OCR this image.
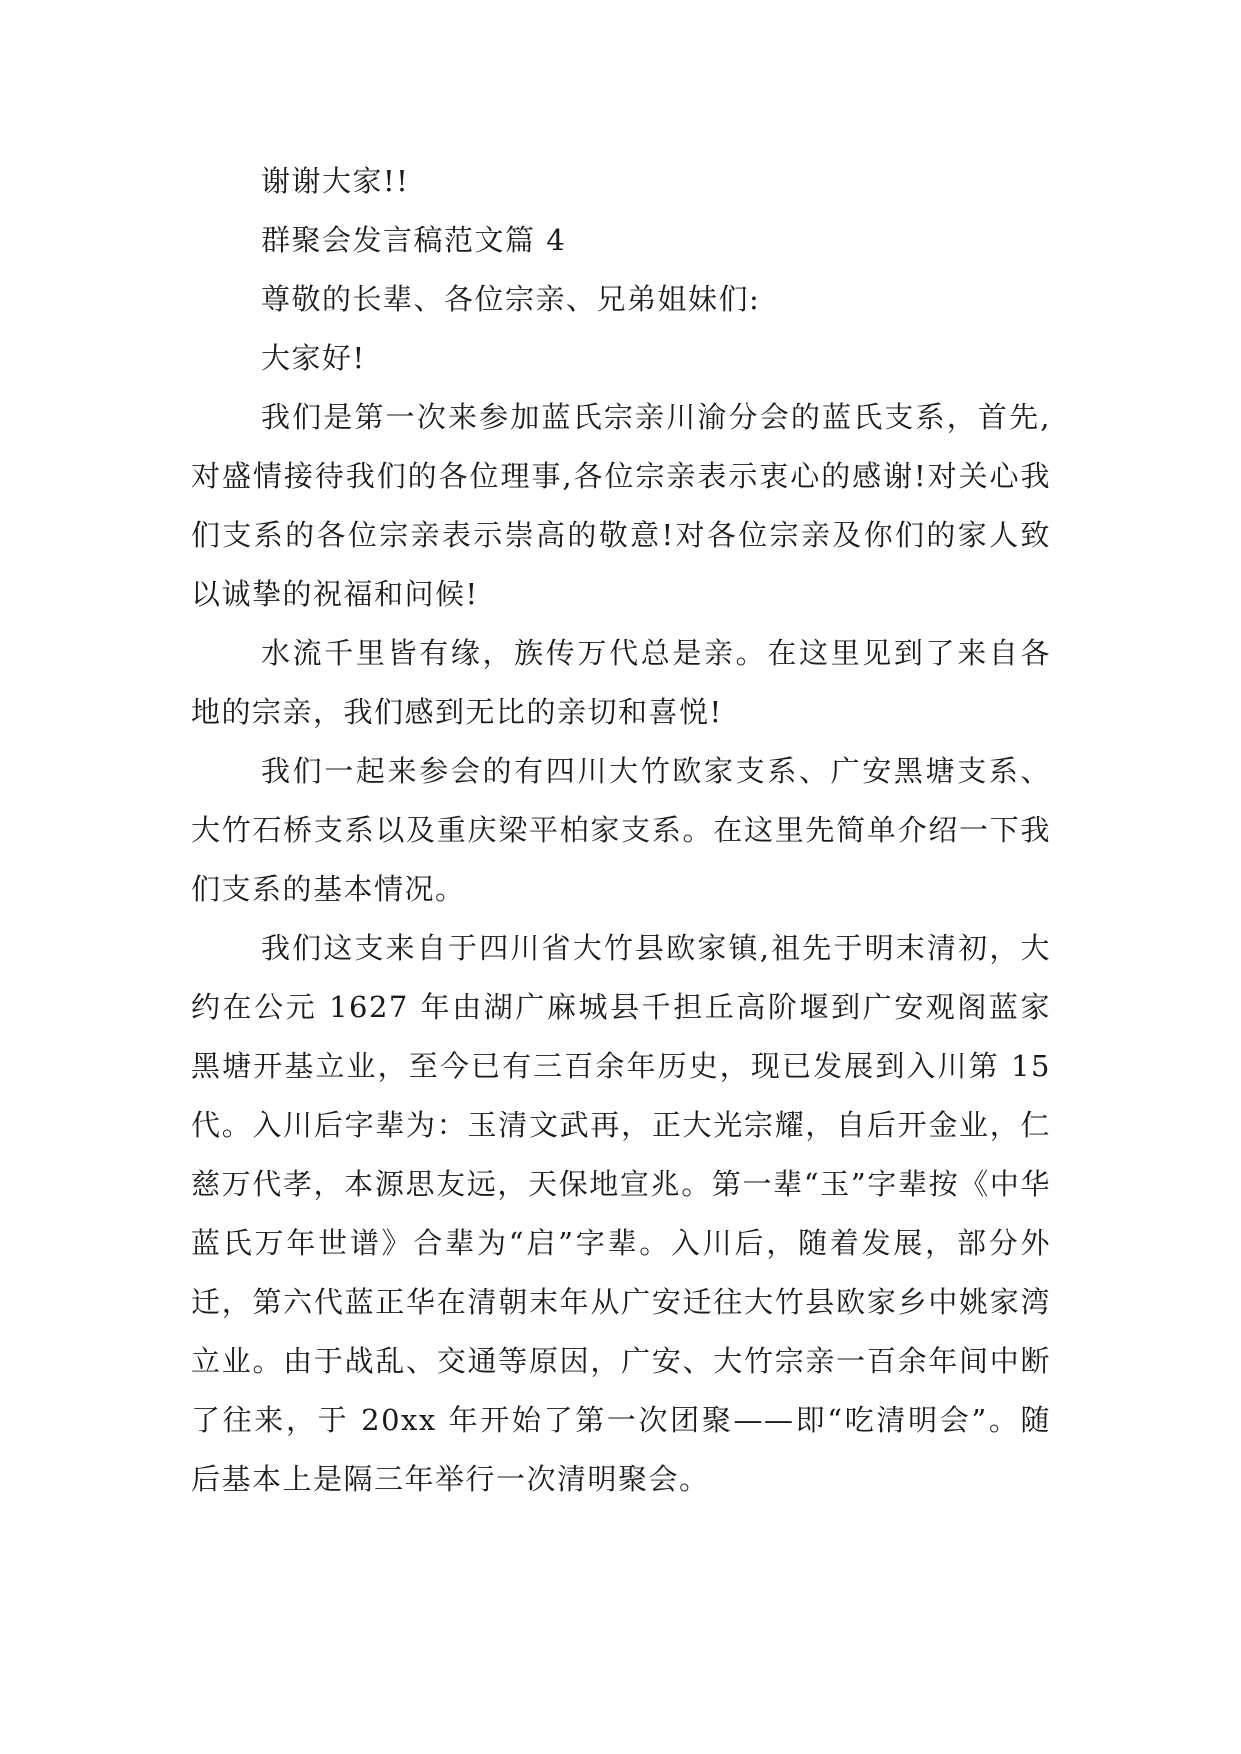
谢谢大家!!

群聚会发言稿范文篇 4

尊敬的长辈、各位宗亲、兄弟姐妹们:

大家好!

我们是第一次来参加蓝氏宗亲川渝分会的蓝氏支系，首先,对盛情接待我们的各位理事,各位宗亲表示衷心的感谢!对关心我们支系的各位宗亲表示崇高的敬意!对各位宗亲及你们的家人致以诚挚的祝福和问候!

水流千里皆有缘，族传万代总是亲。在这里见到了来自各地的宗亲，我们感到无比的亲切和喜悦!

我们一起来参会的有四川大竹欧家支系、广安黑塘支系、大竹石桥支系以及重庆梁平柏家支系。在这里先简单介绍一下我们支系的基本情况。

我们这支来自于四川省大竹县欧家镇,祖先于明末清初，大约在公元 1627 年由湖广麻城县千担丘高阶堰到广安观阁蓝家黑塘开基立业，至今已有三百余年历史，现已发展到入川第 15 代。入川后字辈为：玉清文武再，正大光宗耀，自后开金业，仁慈万代孝，本源思友远，天保地宣兆。第一辈“玉”字辈按《中华蓝氏万年世谱》合辈为“启”字辈。入川后，随着发展，部分外迁，第六代蓝正华在清朝末年从广安迁往大竹县欧家乡中姚家湾立业。由于战乱、交通等原因，广安、大竹宗亲一百余年间中断了往来，于 20xx 年开始了第一次团聚——即“吃清明会”。随后基本上是隔三年举行一次清明聚会。
